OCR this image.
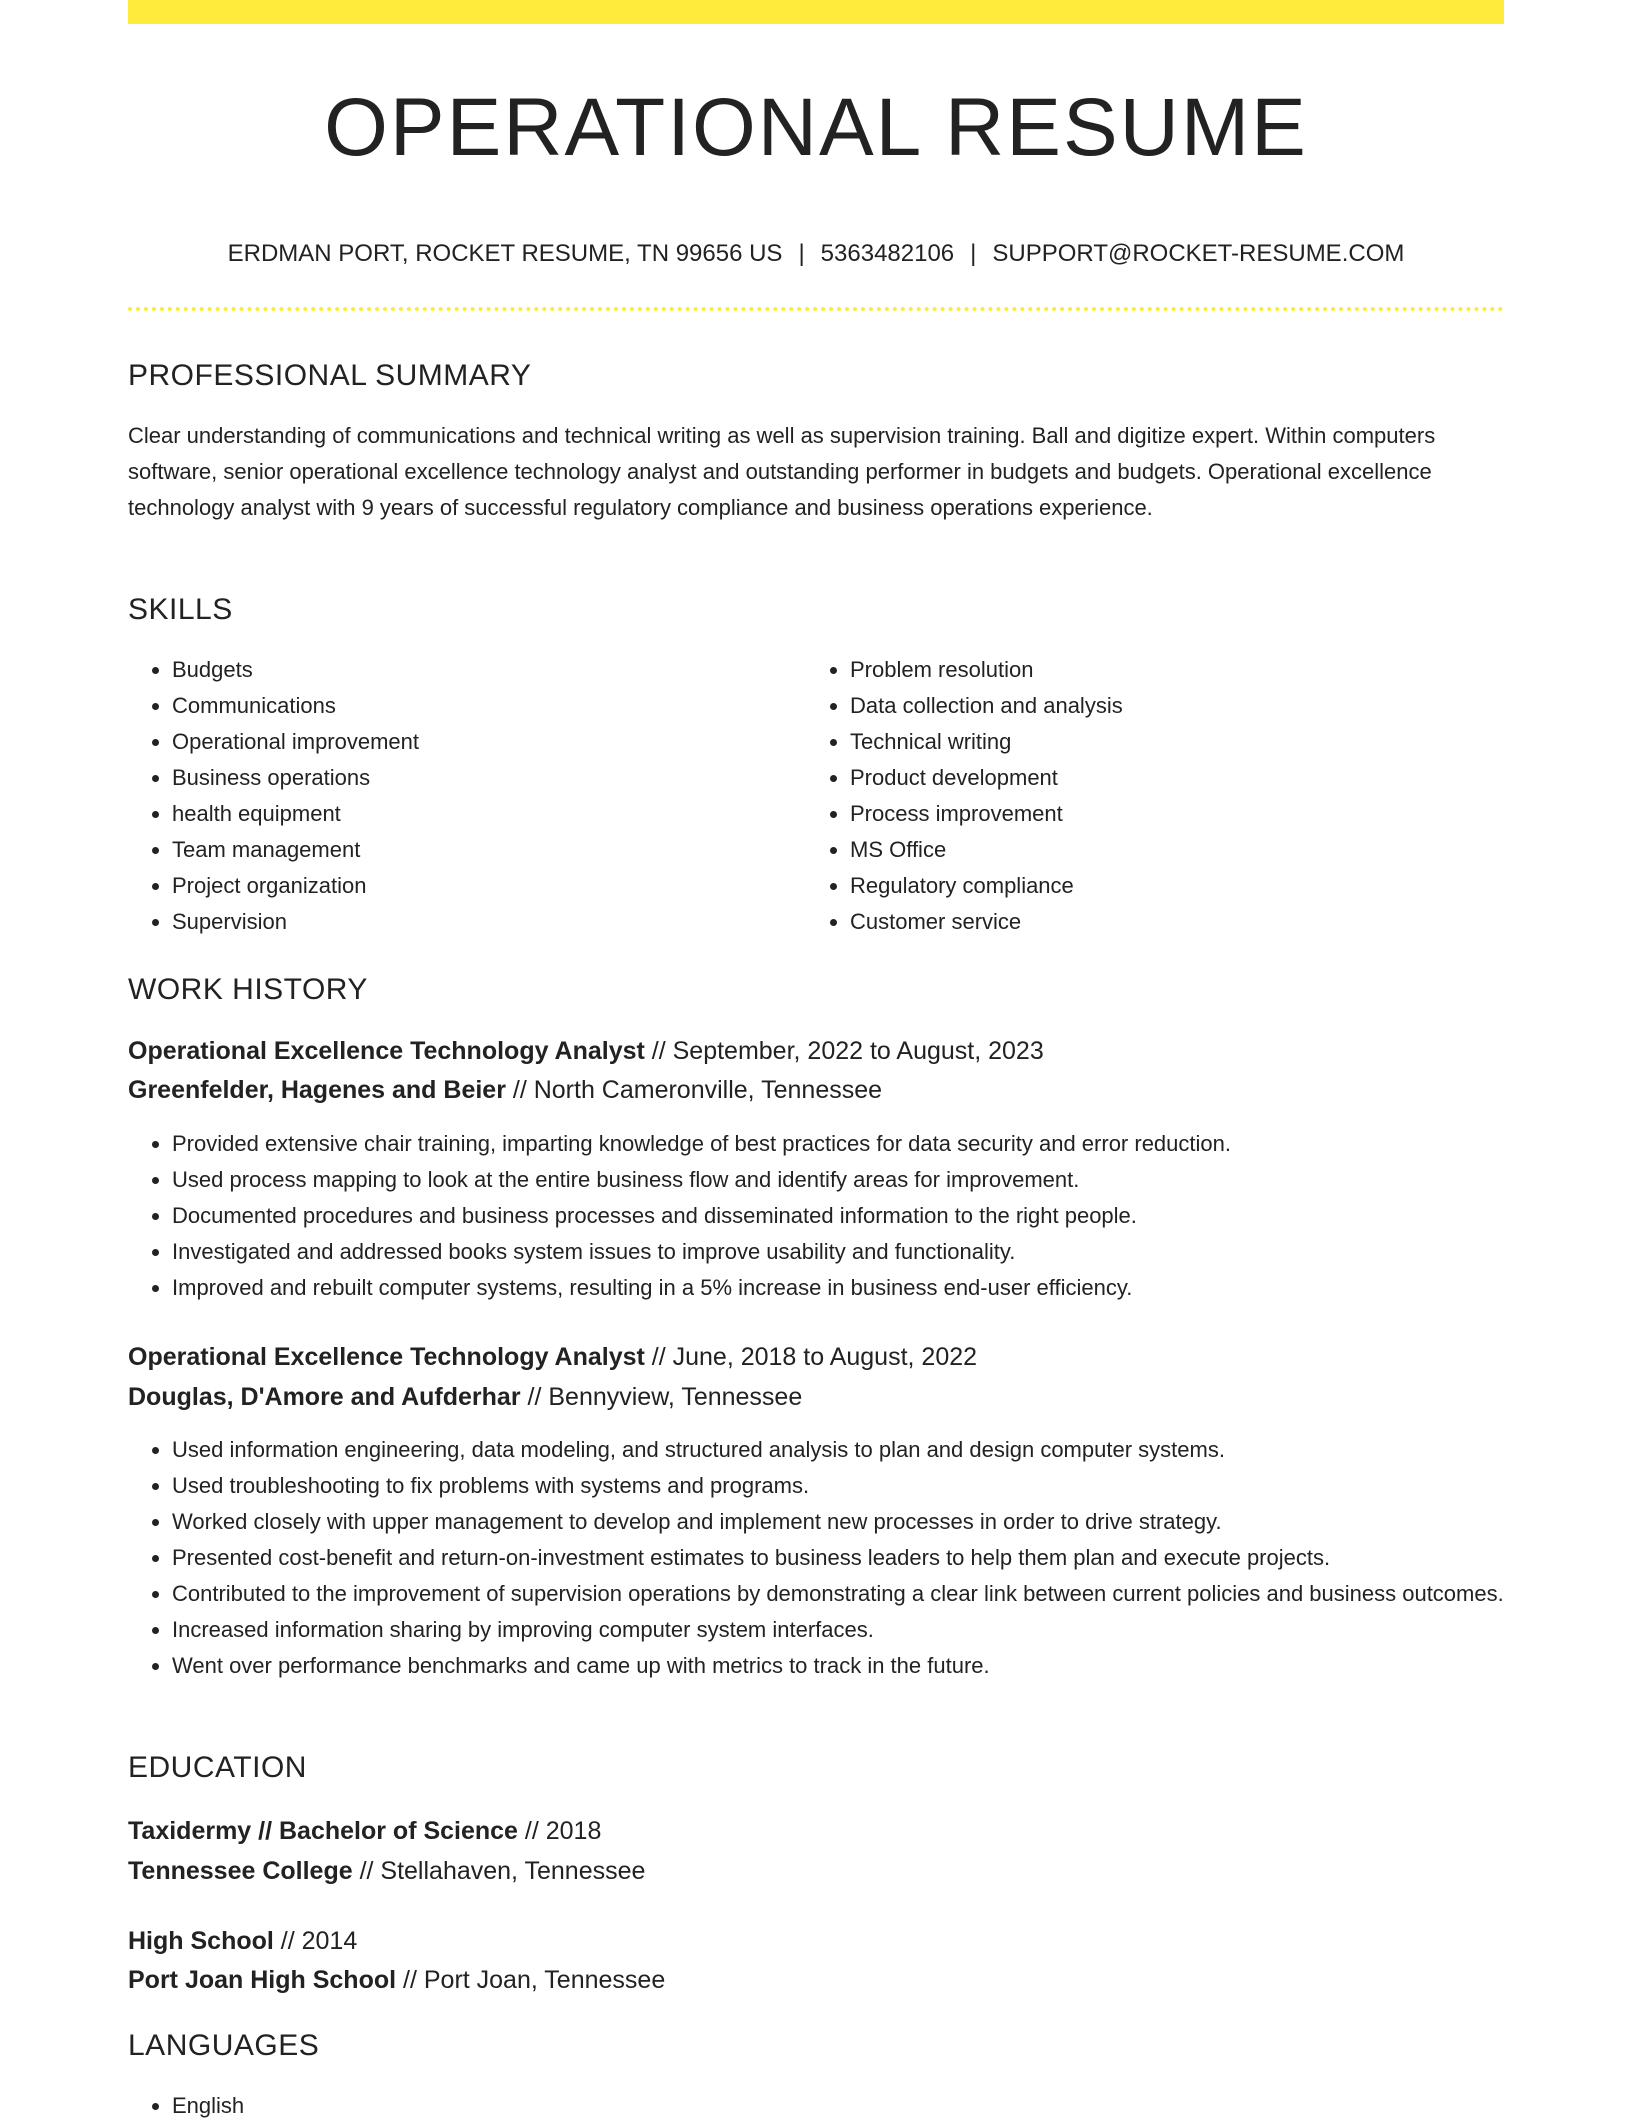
OPERATIONAL RESUME
ERDMAN PORT, ROCKET RESUME, TN 99656 US | 5363482106 | SUPPORT@ROCKET-RESUME.COM
PROFESSIONAL SUMMARY
Clear understanding of communications and technical writing as well as supervision training. Ball and digitize expert. Within computers software, senior operational excellence technology analyst and outstanding performer in budgets and budgets. Operational excellence technology analyst with 9 years of successful regulatory compliance and business operations experience.
SKILLS
• Budgets
• Communications
• Operational improvement
• Business operations
• health equipment
• Team management
• Project organization
• Supervision
• Problem resolution
• Data collection and analysis
• Technical writing
• Product development
• Process improvement
• MS Office
• Regulatory compliance
• Customer service
WORK HISTORY
Operational Excellence Technology Analyst // September, 2022 to August, 2023
Greenfelder, Hagenes and Beier // North Cameronville, Tennessee
• Provided extensive chair training, imparting knowledge of best practices for data security and error reduction.
• Used process mapping to look at the entire business flow and identify areas for improvement.
• Documented procedures and business processes and disseminated information to the right people.
• Investigated and addressed books system issues to improve usability and functionality.
• Improved and rebuilt computer systems, resulting in a 5% increase in business end-user efficiency.
Operational Excellence Technology Analyst // June, 2018 to August, 2022
Douglas, D'Amore and Aufderhar // Bennyview, Tennessee
• Used information engineering, data modeling, and structured analysis to plan and design computer systems.
• Used troubleshooting to fix problems with systems and programs.
• Worked closely with upper management to develop and implement new processes in order to drive strategy.
• Presented cost-benefit and return-on-investment estimates to business leaders to help them plan and execute projects.
• Contributed to the improvement of supervision operations by demonstrating a clear link between current policies and business outcomes.
• Increased information sharing by improving computer system interfaces.
• Went over performance benchmarks and came up with metrics to track in the future.
EDUCATION
Taxidermy // Bachelor of Science // 2018
Tennessee College // Stellahaven, Tennessee
High School // 2014
Port Joan High School // Port Joan, Tennessee
LANGUAGES
• English
